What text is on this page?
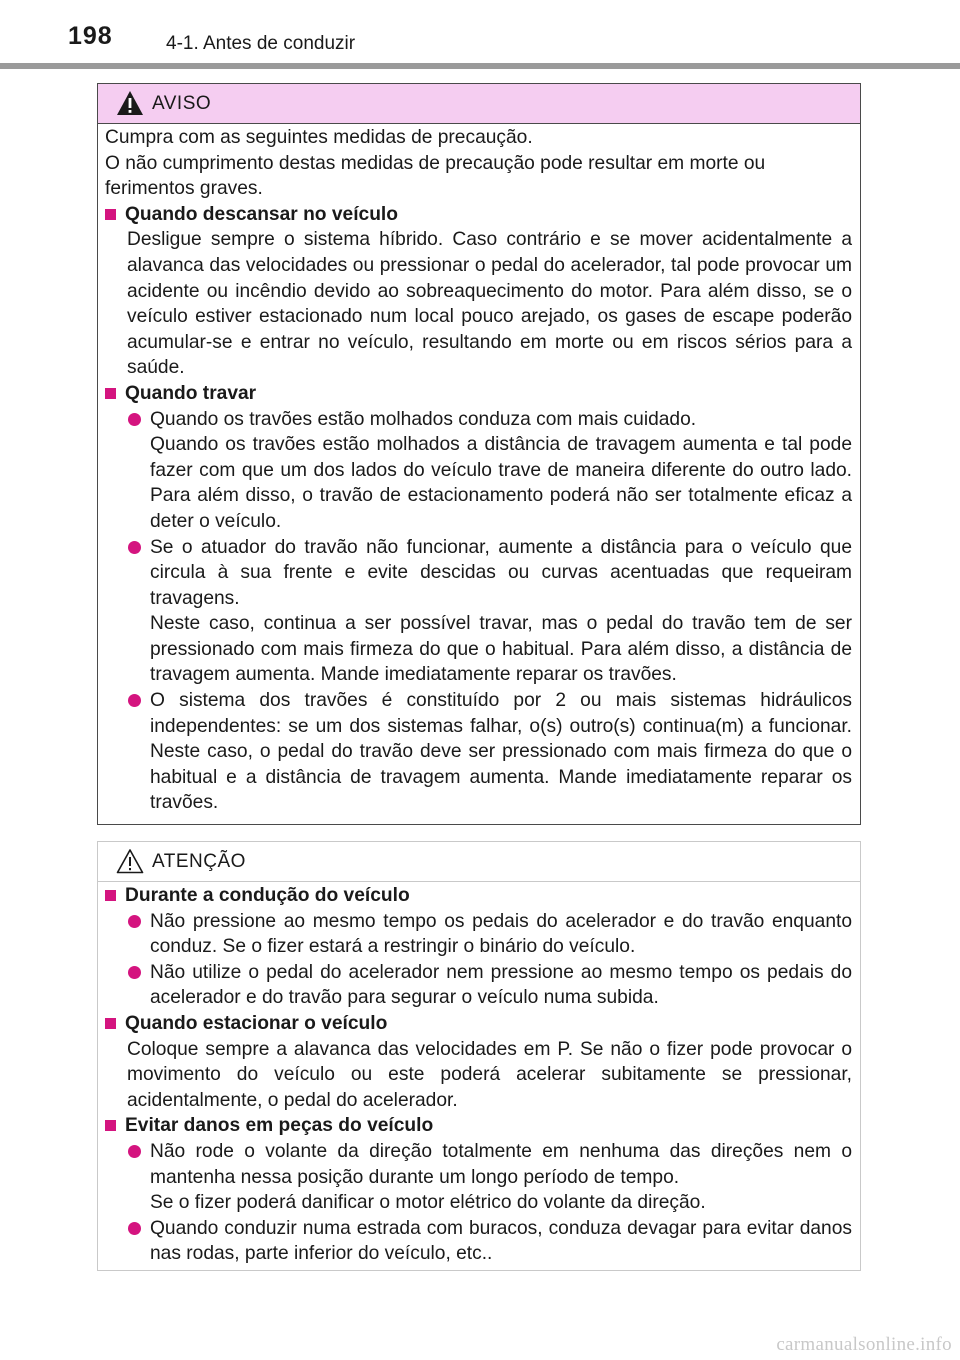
198	4-1. Antes de conduzir
AVISO

Cumpra com as seguintes medidas de precaução.

O não cumprimento destas medidas de precaução pode resultar em morte ou ferimentos graves.

Quando descansar no veículo

Desligue sempre o sistema híbrido. Caso contrário e se mover acidentalmente a alavanca das velocidades ou pressionar o pedal do acelerador, tal pode provocar um acidente ou incêndio devido ao sobreaquecimento do motor. Para além disso, se o veículo estiver estacionado num local pouco arejado, os gases de escape poderão acumular-se e entrar no veículo, resultando em morte ou em riscos sérios para a saúde.

Quando travar

Quando os travões estão molhados conduza com mais cuidado.

Quando os travões estão molhados a distância de travagem aumenta e tal pode fazer com que um dos lados do veículo trave de maneira diferente do outro lado. Para além disso, o travão de estacionamento poderá não ser totalmente eficaz a deter o veículo.

Se o atuador do travão não funcionar, aumente a distância para o veículo que circula à sua frente e evite descidas ou curvas acentuadas que requeiram travagens.

Neste caso, continua a ser possível travar, mas o pedal do travão tem de ser pressionado com mais firmeza do que o habitual. Para além disso, a distância de travagem aumenta. Mande imediatamente reparar os travões.

O sistema dos travões é constituído por 2 ou mais sistemas hidráulicos independentes: se um dos sistemas falhar, o(s) outro(s) continua(m) a funcionar. Neste caso, o pedal do travão deve ser pressionado com mais firmeza do que o habitual e a distância de travagem aumenta. Mande imediatamente reparar os travões.

ATENÇÃO

Durante a condução do veículo

Não pressione ao mesmo tempo os pedais do acelerador e do travão enquanto conduz. Se o fizer estará a restringir o binário do veículo.

Não utilize o pedal do acelerador nem pressione ao mesmo tempo os pedais do acelerador e do travão para segurar o veículo numa subida.

Quando estacionar o veículo

Coloque sempre a alavanca das velocidades em P. Se não o fizer pode provocar o movimento do veículo ou este poderá acelerar subitamente se pressionar, acidentalmente, o pedal do acelerador.

Evitar danos em peças do veículo

Não rode o volante da direção totalmente em nenhuma das direções nem o mantenha nessa posição durante um longo período de tempo.

Se o fizer poderá danificar o motor elétrico do volante da direção.

Quando conduzir numa estrada com buracos, conduza devagar para evitar danos nas rodas, parte inferior do veículo, etc..

carmanualsonline.info
